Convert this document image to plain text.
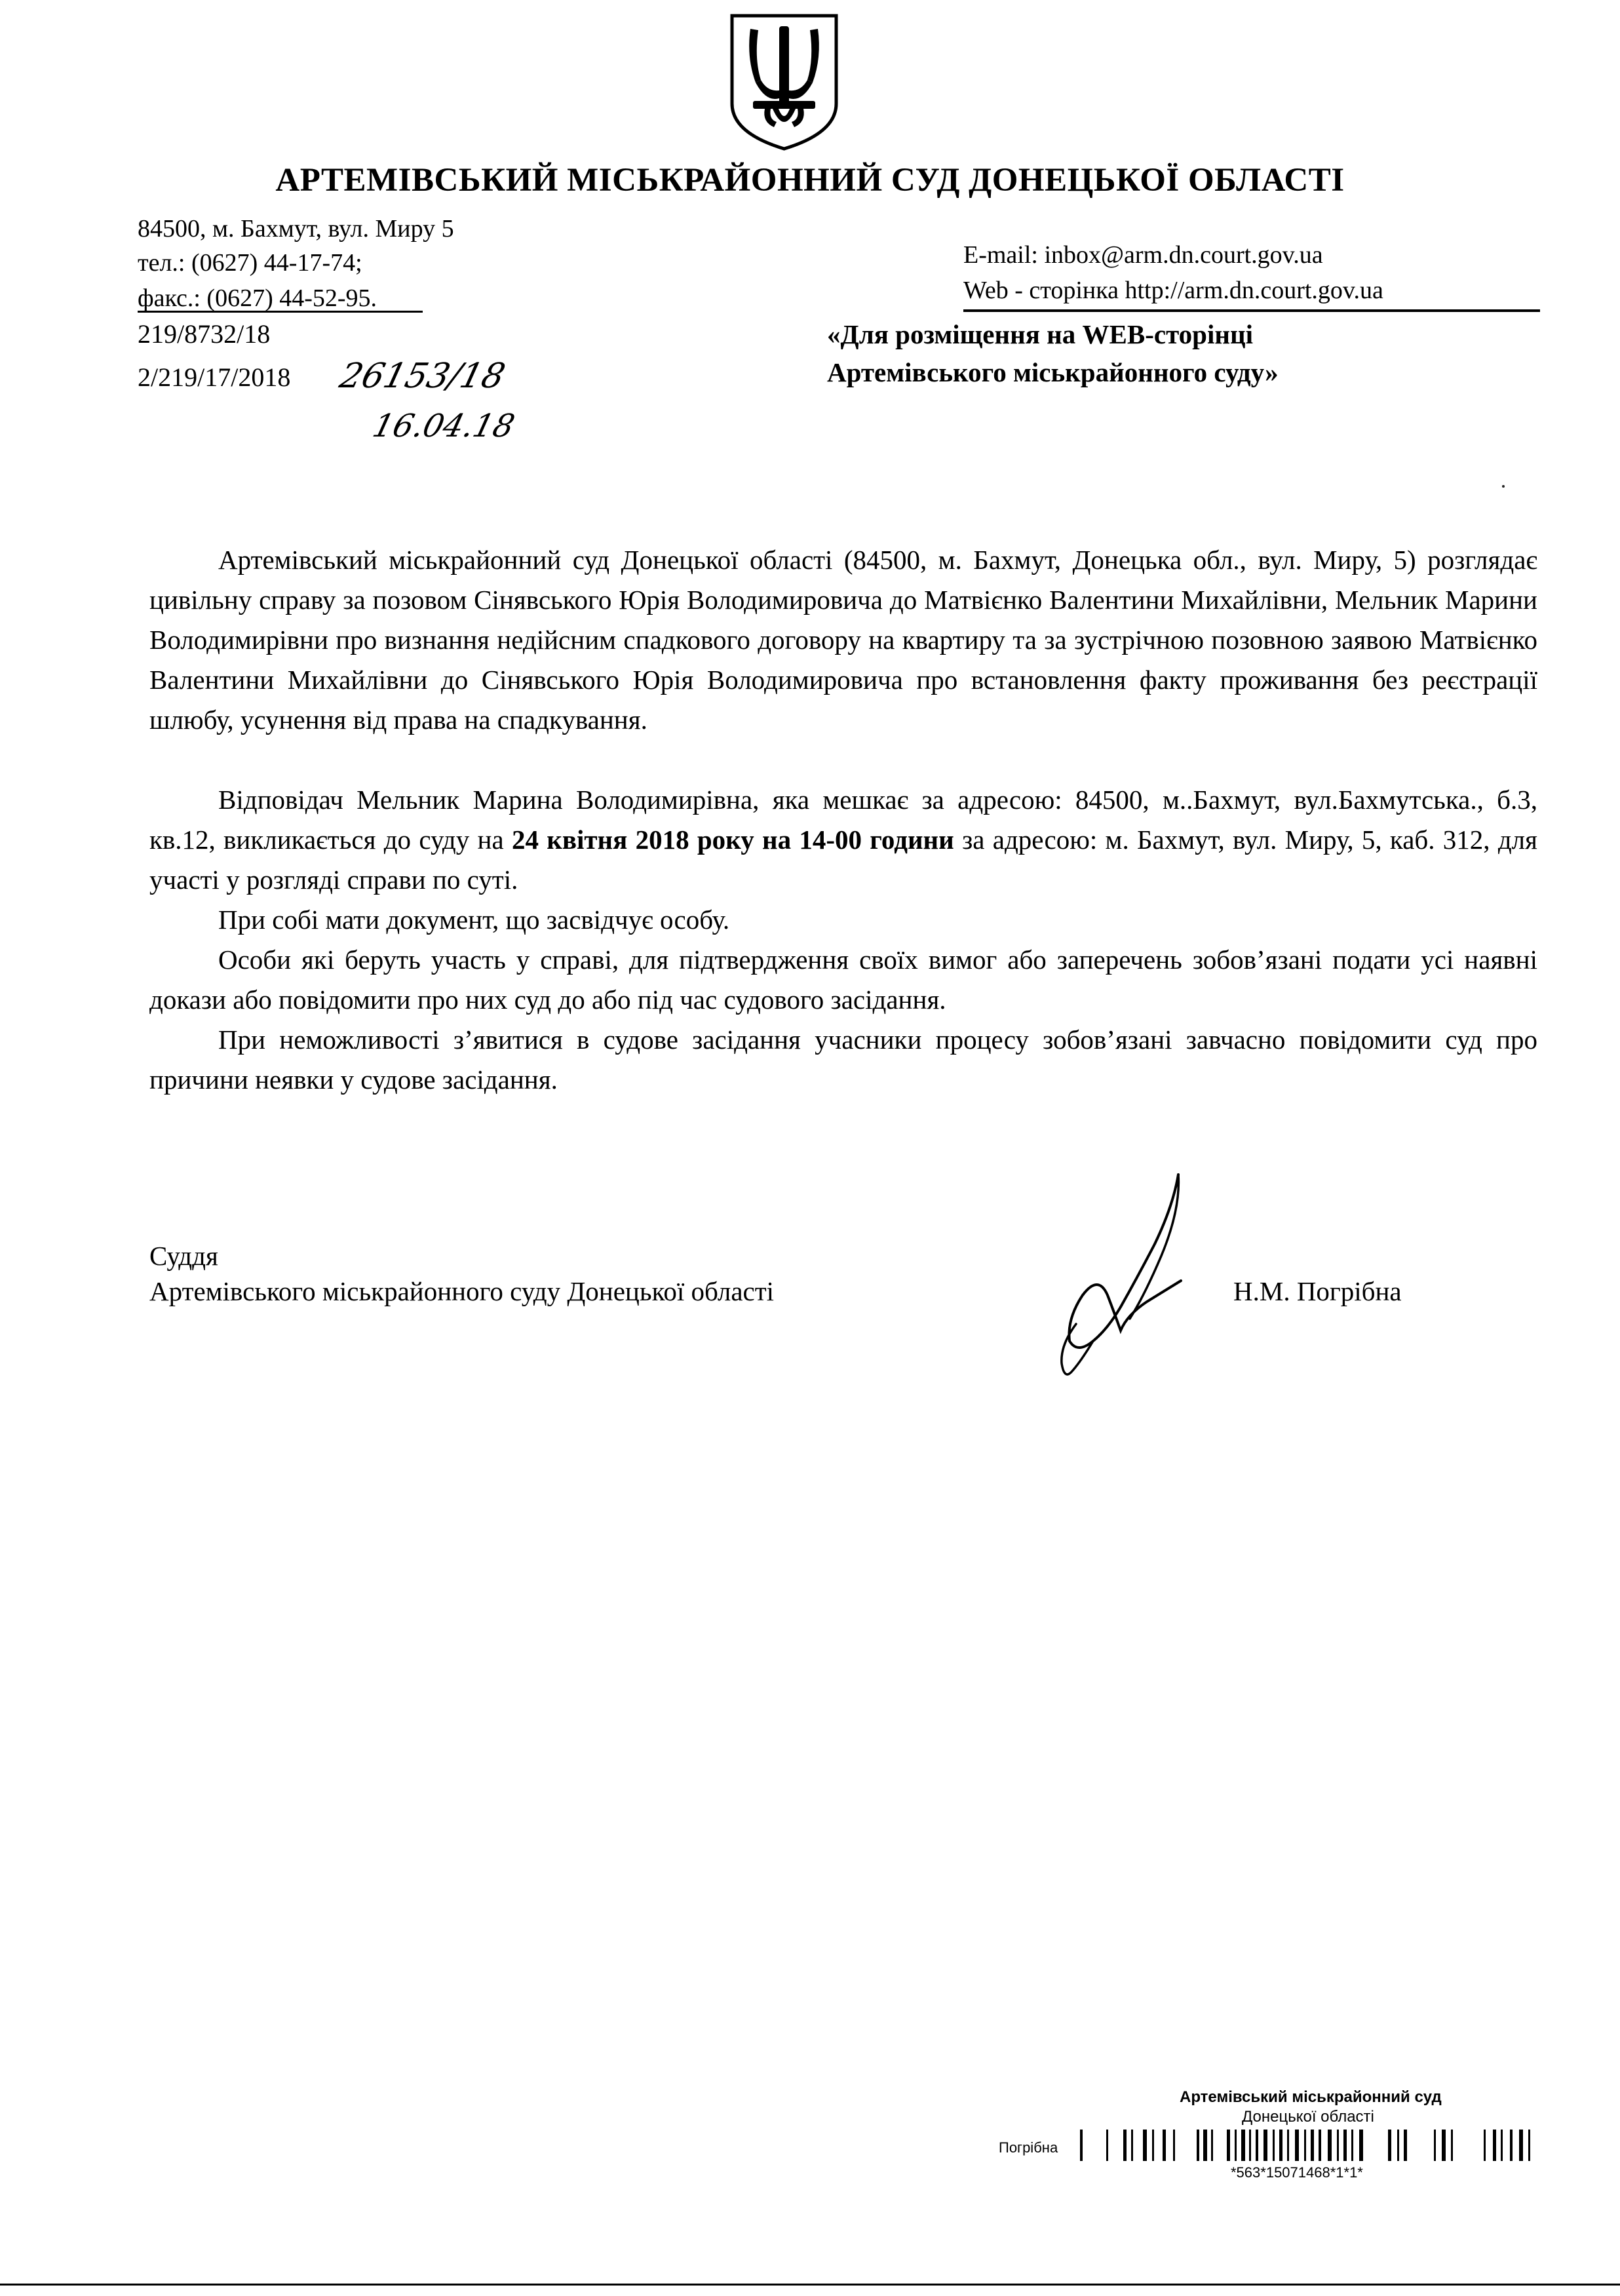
АРТЕМІВСЬКИЙ МІСЬКРАЙОННИЙ СУД ДОНЕЦЬКОЇ ОБЛАСТІ
84500, м. Бахмут, вул. Миру 5
тел.: (0627) 44-17-74;
факс.: (0627) 44-52-95.
E-mail: inbox@arm.dn.court.gov.ua
Web - сторінка http://arm.dn.court.gov.ua
219/8732/18
2/219/17/2018 26153/18
16.04.18
«Для розміщення на WEB-сторінці
Артемівського міськрайонного суду»
Артемівський міськрайонний суд Донецької області (84500, м. Бахмут, Донецька обл., вул. Миру, 5) розглядає цивільну справу за позовом Сінявського Юрія Володимировича до Матвієнко Валентини Михайлівни, Мельник Марини Володимирівни про визнання недійсним спадкового договору на квартиру та за зустрічною позовною заявою Матвієнко Валентини Михайлівни до Сінявського Юрія Володимировича про встановлення факту проживання без реєстрації шлюбу, усунення від права на спадкування.
Відповідач Мельник Марина Володимирівна, яка мешкає за адресою: 84500, м..Бахмут, вул.Бахмутська., б.3, кв.12, викликається до суду на 24 квітня 2018 року на 14-00 години за адресою: м. Бахмут, вул. Миру, 5, каб. 312, для участі у розгляді справи по суті.
При собі мати документ, що засвідчує особу.
Особи які беруть участь у справі, для підтвердження своїх вимог або заперечень зобов’язані подати усі наявні докази або повідомити про них суд до або під час судового засідання.
При неможливості з’явитися в судове засідання учасники процесу зобов’язані завчасно повідомити суд про причини неявки у судове засідання.
Суддя
Артемівського міськрайонного суду Донецької області	Н.М. Погрібна
Артемівський міськрайонний суд
Донецької області
Погрібна
*563*15071468*1*1*
